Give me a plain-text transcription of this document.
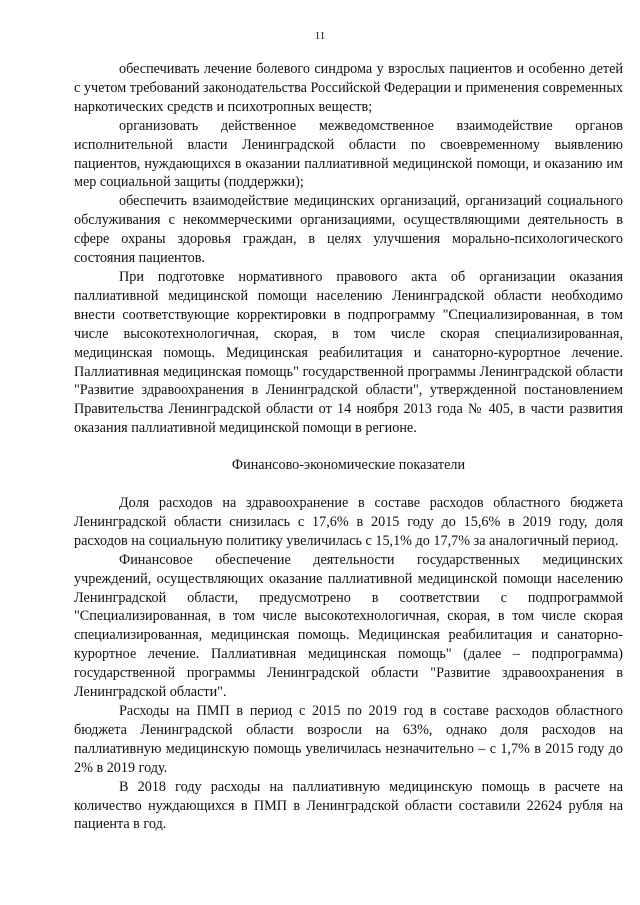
11

обеспечивать лечение болевого синдрома у взрослых пациентов и особенно детей с учетом требований законодательства Российской Федерации и применения современных наркотических средств и психотропных веществ;

организовать действенное межведомственное взаимодействие органов исполнительной власти Ленинградской области по своевременному выявлению пациентов, нуждающихся в оказании паллиативной медицинской помощи, и оказанию им мер социальной защиты (поддержки);

обеспечить взаимодействие медицинских организаций, организаций социального обслуживания с некоммерческими организациями, осуществляющими деятельность в сфере охраны здоровья граждан, в целях улучшения морально-психологического состояния пациентов.

При подготовке нормативного правового акта об организации оказания паллиативной медицинской помощи населению Ленинградской области необходимо внести соответствующие корректировки в подпрограмму "Специализированная, в том числе высокотехнологичная, скорая, в том числе скорая специализированная, медицинская помощь. Медицинская реабилитация и санаторно-курортное лечение. Паллиативная медицинская помощь" государственной программы Ленинградской области "Развитие здравоохранения в Ленинградской области", утвержденной постановлением Правительства Ленинградской области от 14 ноября 2013 года № 405, в части развития оказания паллиативной медицинской помощи в регионе.

Финансово-экономические показатели

Доля расходов на здравоохранение в составе расходов областного бюджета Ленинградской области снизилась с 17,6% в 2015 году до 15,6% в 2019 году, доля расходов на социальную политику увеличилась с 15,1% до 17,7% за аналогичный период.

Финансовое обеспечение деятельности государственных медицинских учреждений, осуществляющих оказание паллиативной медицинской помощи населению Ленинградской области, предусмотрено в соответствии с подпрограммой "Специализированная, в том числе высокотехнологичная, скорая, в том числе скорая специализированная, медицинская помощь. Медицинская реабилитация и санаторно-курортное лечение. Паллиативная медицинская помощь" (далее – подпрограмма) государственной программы Ленинградской области "Развитие здравоохранения в Ленинградской области".

Расходы на ПМП в период с 2015 по 2019 год в составе расходов областного бюджета Ленинградской области возросли на 63%, однако доля расходов на паллиативную медицинскую помощь увеличилась незначительно – с 1,7% в 2015 году до 2% в 2019 году.

В 2018 году расходы на паллиативную медицинскую помощь в расчете на количество нуждающихся в ПМП в Ленинградской области составили 22624 рубля на пациента в год.
